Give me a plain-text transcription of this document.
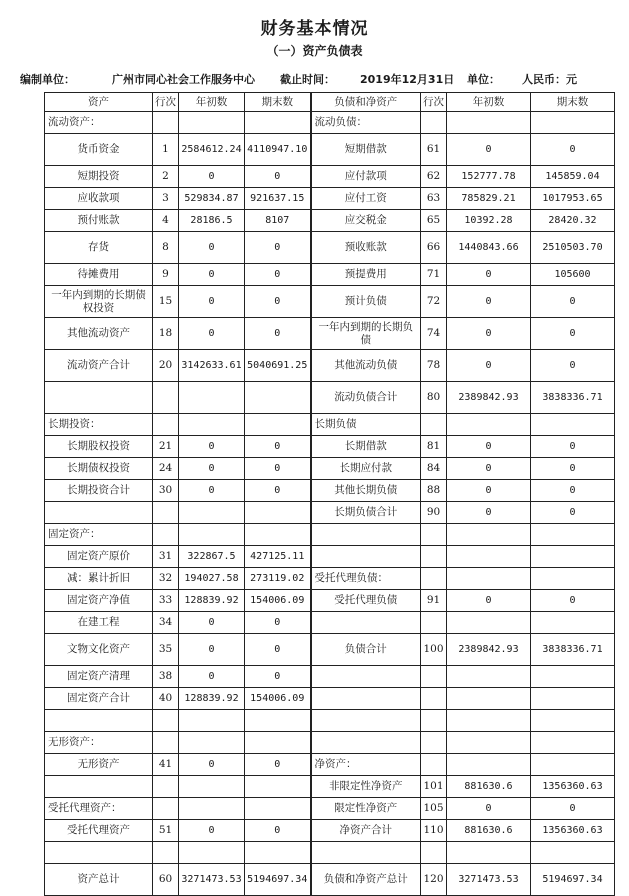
财务基本情况
（一）资产负债表
编制单位：	广州市同心社会工作服务中心 截止时间： 2019年12月31日 单位： 人民币：元
资产	行次	年初数	期末数	负债和净资产	行次	年初数	期末数
流动资产：				流动负债：			
货币资金	1	2584612.24	4110947.10	短期借款	61	0	0
短期投资	2	0	0	应付款项	62	152777.78	145859.04
应收款项	3	529834.87	921637.15	应付工资	63	785829.21	1017953.65
预付账款	4	28186.5	8107	应交税金	65	10392.28	28420.32
存货	8	0	0	预收账款	66	1440843.66	2510503.70
待摊费用	9	0	0	预提费用	71	0	105600
一年内到期的长期债权投资	15	0	0	预计负债	72	0	0
其他流动资产	18	0	0	一年内到期的长期负债	74	0	0
流动资产合计	20	3142633.61	5040691.25	其他流动负债	78	0	0
				流动负债合计	80	2389842.93	3838336.71
长期投资：				长期负债			
长期股权投资	21	0	0	长期借款	81	0	0
长期债权投资	24	0	0	长期应付款	84	0	0
长期投资合计	30	0	0	其他长期负债	88	0	0
				长期负债合计	90	0	0
固定资产：							
固定资产原价	31	322867.5	427125.11				
减：累计折旧	32	194027.58	273119.02	受托代理负债：			
固定资产净值	33	128839.92	154006.09	受托代理负债	91	0	0
在建工程	34	0	0				
文物文化资产	35	0	0	负债合计	100	2389842.93	3838336.71
固定资产清理	38	0	0				
固定资产合计	40	128839.92	154006.09				

无形资产：							
无形资产	41	0	0	净资产：			
				非限定性净资产	101	881630.6	1356360.63
受托代理资产：				限定性净资产	105	0	0
受托代理资产	51	0	0	净资产合计	110	881630.6	1356360.63

资产总计	60	3271473.53	5194697.34	负债和净资产总计	120	3271473.53	5194697.34
